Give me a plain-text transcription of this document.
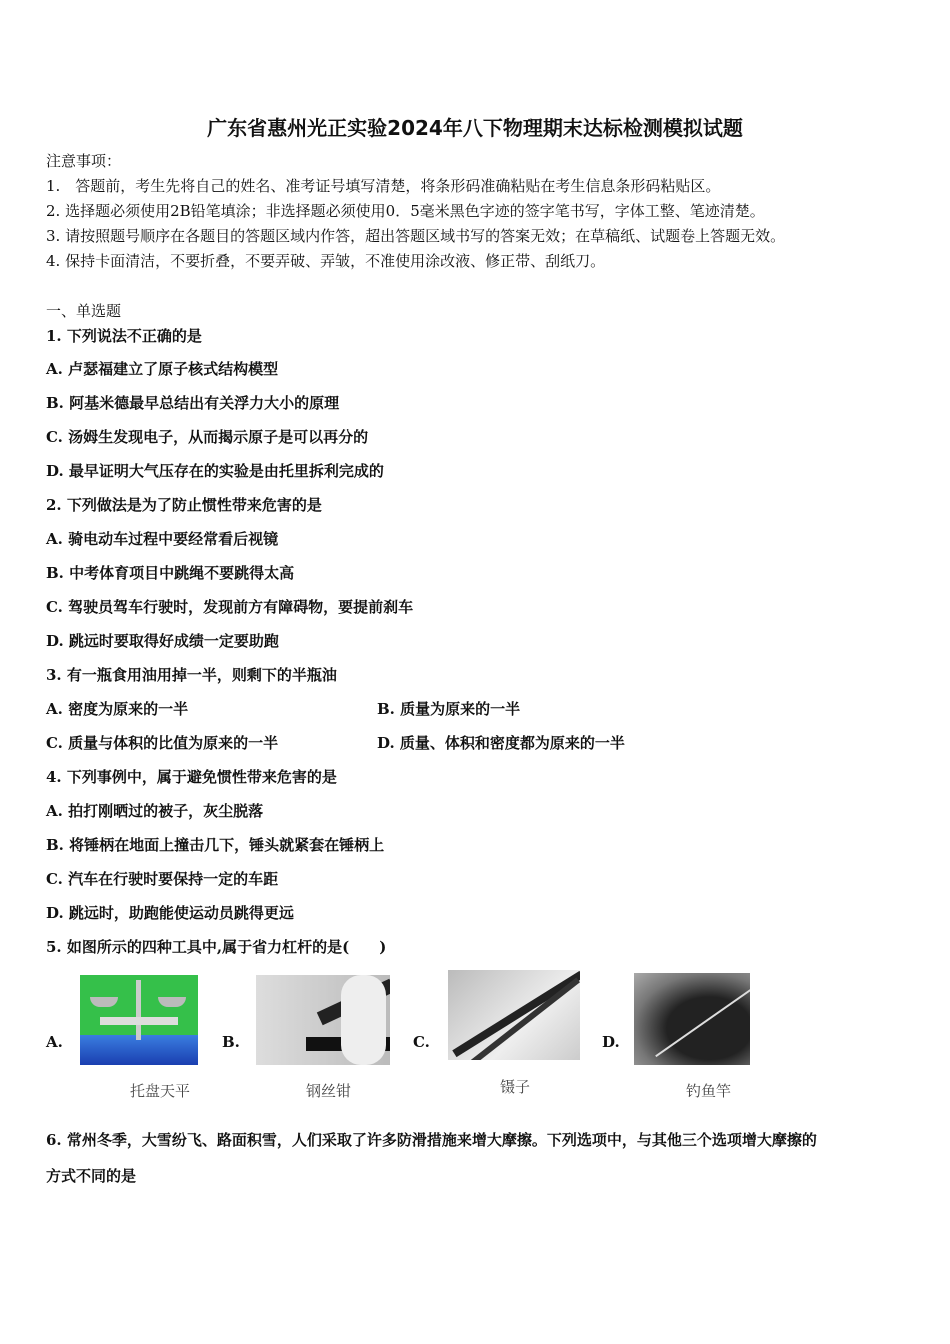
广东省惠州光正实验2024年八下物理期末达标检测模拟试题
注意事项：
1.　答题前，考生先将自己的姓名、准考证号填写清楚，将条形码准确粘贴在考生信息条形码粘贴区。
2. 选择题必须使用2B铅笔填涂；非选择题必须使用0．5毫米黑色字迹的签字笔书写，字体工整、笔迹清楚。
3. 请按照题号顺序在各题目的答题区域内作答，超出答题区域书写的答案无效；在草稿纸、试题卷上答题无效。
4. 保持卡面清洁，不要折叠，不要弄破、弄皱，不准使用涂改液、修正带、刮纸刀。
一、单选题
1. 下列说法不正确的是
A. 卢瑟福建立了原子核式结构模型
B. 阿基米德最早总结出有关浮力大小的原理
C. 汤姆生发现电子，从而揭示原子是可以再分的
D. 最早证明大气压存在的实验是由托里拆利完成的
2. 下列做法是为了防止惯性带来危害的是
A. 骑电动车过程中要经常看后视镜
B. 中考体育项目中跳绳不要跳得太高
C. 驾驶员驾车行驶时，发现前方有障碍物，要提前刹车
D. 跳远时要取得好成绩一定要助跑
3. 有一瓶食用油用掉一半，则剩下的半瓶油
A. 密度为原来的一半	B. 质量为原来的一半
C. 质量与体积的比值为原来的一半	D. 质量、体积和密度都为原来的一半
4. 下列事例中，属于避免惯性带来危害的是
A. 拍打刚晒过的被子，灰尘脱落
B. 将锤柄在地面上撞击几下，锤头就紧套在锤柄上
C. 汽车在行驶时要保持一定的车距
D. 跳远时，助跑能使运动员跳得更远
5. 如图所示的四种工具中,属于省力杠杆的是(　　)
A.
托盘天平
B.
钢丝钳
C.
镊子
D.
钓鱼竿
6. 常州冬季，大雪纷飞、路面积雪，人们采取了许多防滑措施来增大摩擦。下列选项中，与其他三个选项增大摩擦的
方式不同的是
